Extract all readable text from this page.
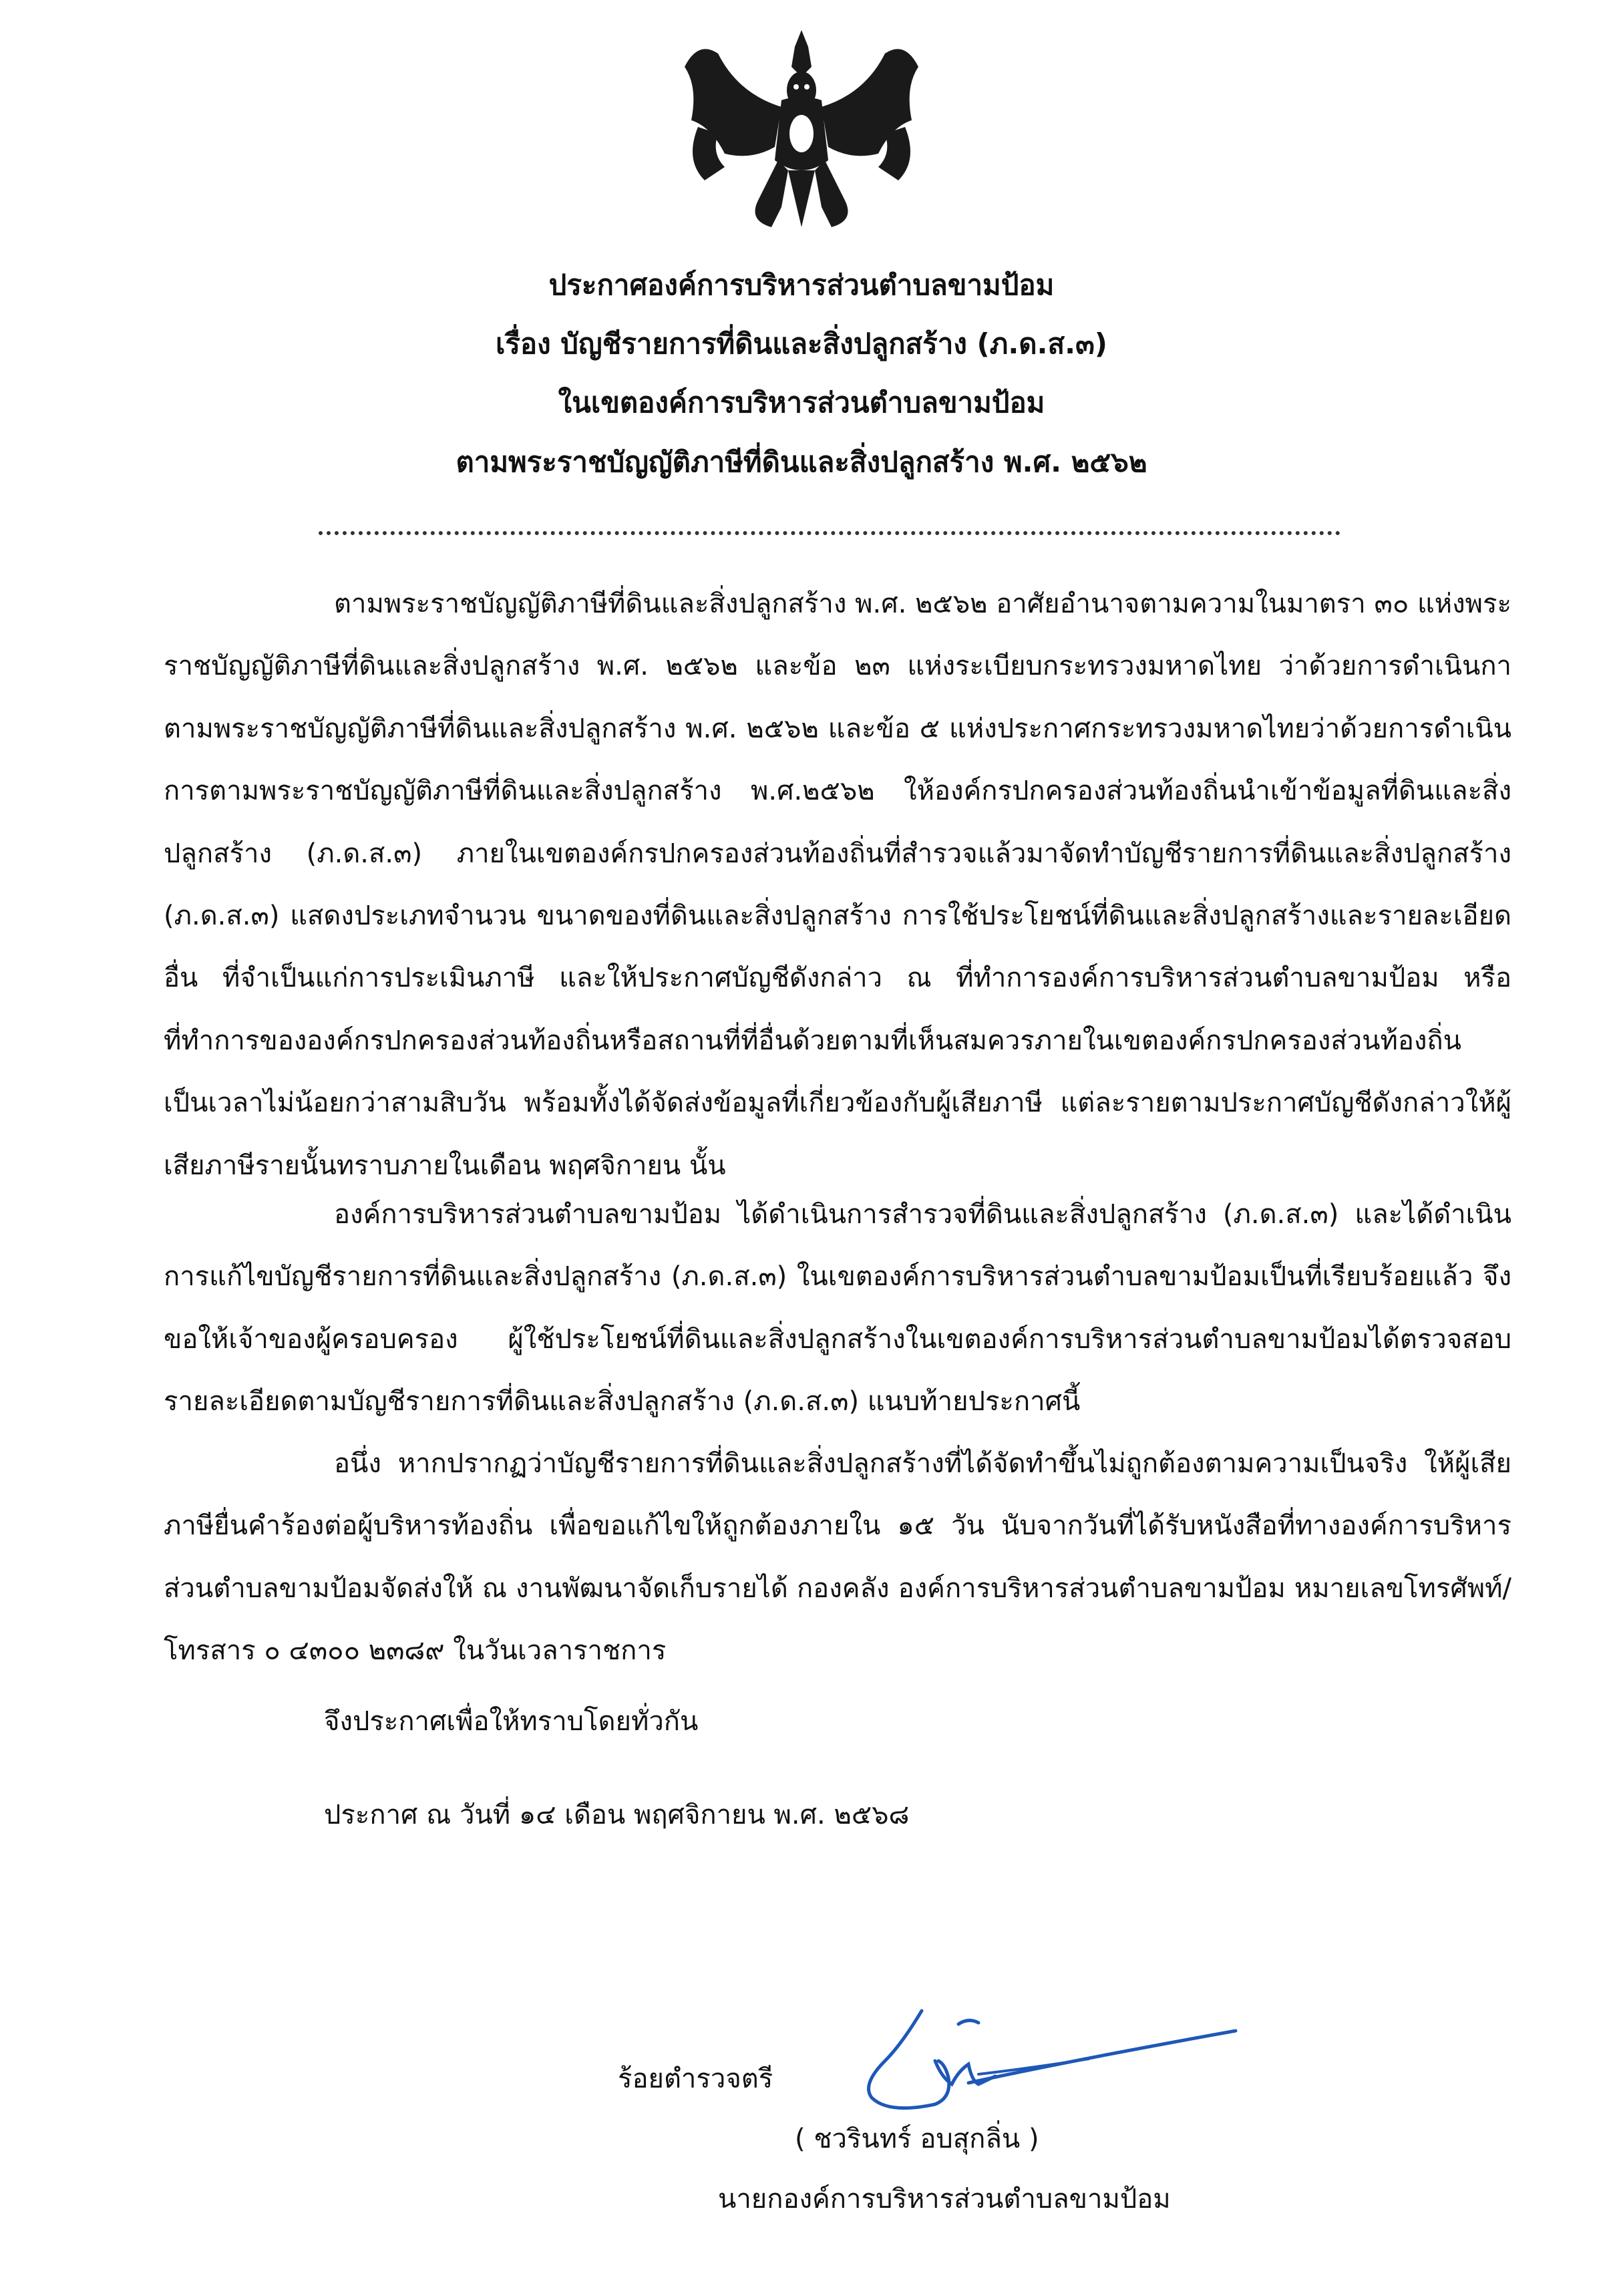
ประกาศองค์การบริหารส่วนตำบลขามป้อม
เรื่อง บัญชีรายการที่ดินและสิ่งปลูกสร้าง (ภ.ด.ส.๓)
ในเขตองค์การบริหารส่วนตำบลขามป้อม
ตามพระราชบัญญัติภาษีที่ดินและสิ่งปลูกสร้าง พ.ศ. ๒๕๖๒
ตามพระราชบัญญัติภาษีที่ดินและสิ่งปลูกสร้าง พ.ศ. ๒๕๖๒ อาศัยอำนาจตามความในมาตรา ๓๐ แห่งพระราชบัญญัติภาษีที่ดินและสิ่งปลูกสร้าง พ.ศ. ๒๕๖๒ และข้อ ๒๓ แห่งระเบียบกระทรวงมหาดไทย ว่าด้วยการดำเนินกาตามพระราชบัญญัติภาษีที่ดินและสิ่งปลูกสร้าง พ.ศ. ๒๕๖๒ และข้อ ๕ แห่งประกาศกระทรวงมหาดไทยว่าด้วยการดำเนินการตามพระราชบัญญัติภาษีที่ดินและสิ่งปลูกสร้าง พ.ศ.๒๕๖๒ ให้องค์กรปกครองส่วนท้องถิ่นนำเข้าข้อมูลที่ดินและสิ่งปลูกสร้าง (ภ.ด.ส.๓) ภายในเขตองค์กรปกครองส่วนท้องถิ่นที่สำรวจแล้วมาจัดทำบัญชีรายการที่ดินและสิ่งปลูกสร้าง (ภ.ด.ส.๓) แสดงประเภทจำนวน ขนาดของที่ดินและสิ่งปลูกสร้าง การใช้ประโยชน์ที่ดินและสิ่งปลูกสร้างและรายละเอียดอื่น ที่จำเป็นแก่การประเมินภาษี และให้ประกาศบัญชีดังกล่าว ณ ที่ทำการองค์การบริหารส่วนตำบลขามป้อม หรือที่ทำการขององค์กรปกครองส่วนท้องถิ่นหรือสถานที่ที่อื่นด้วยตามที่เห็นสมควรภายในเขตองค์กรปกครองส่วนท้องถิ่น เป็นเวลาไม่น้อยกว่าสามสิบวัน พร้อมทั้งได้จัดส่งข้อมูลที่เกี่ยวข้องกับผู้เสียภาษี แต่ละรายตามประกาศบัญชีดังกล่าวให้ผู้เสียภาษีรายนั้นทราบภายในเดือน พฤศจิกายน นั้น
องค์การบริหารส่วนตำบลขามป้อม ได้ดำเนินการสำรวจที่ดินและสิ่งปลูกสร้าง (ภ.ด.ส.๓) และได้ดำเนินการแก้ไขบัญชีรายการที่ดินและสิ่งปลูกสร้าง (ภ.ด.ส.๓) ในเขตองค์การบริหารส่วนตำบลขามป้อมเป็นที่เรียบร้อยแล้ว จึงขอให้เจ้าของผู้ครอบครอง ผู้ใช้ประโยชน์ที่ดินและสิ่งปลูกสร้างในเขตองค์การบริหารส่วนตำบลขามป้อมได้ตรวจสอบรายละเอียดตามบัญชีรายการที่ดินและสิ่งปลูกสร้าง (ภ.ด.ส.๓) แนบท้ายประกาศนี้
อนึ่ง หากปรากฏว่าบัญชีรายการที่ดินและสิ่งปลูกสร้างที่ได้จัดทำขึ้นไม่ถูกต้องตามความเป็นจริง ให้ผู้เสียภาษียื่นคำร้องต่อผู้บริหารท้องถิ่น เพื่อขอแก้ไขให้ถูกต้องภายใน ๑๕ วัน นับจากวันที่ได้รับหนังสือที่ทางองค์การบริหารส่วนตำบลขามป้อมจัดส่งให้ ณ งานพัฒนาจัดเก็บรายได้ กองคลัง องค์การบริหารส่วนตำบลขามป้อม หมายเลขโทรศัพท์/โทรสาร ๐ ๔๓๐๐ ๒๓๘๙ ในวันเวลาราชการ
จึงประกาศเพื่อให้ทราบโดยทั่วกัน
ประกาศ ณ วันที่ ๑๔ เดือน พฤศจิกายน พ.ศ. ๒๕๖๘
ร้อยตำรวจตรี
( ชวรินทร์ อบสุกลิ่น )
นายกองค์การบริหารส่วนตำบลขามป้อม
